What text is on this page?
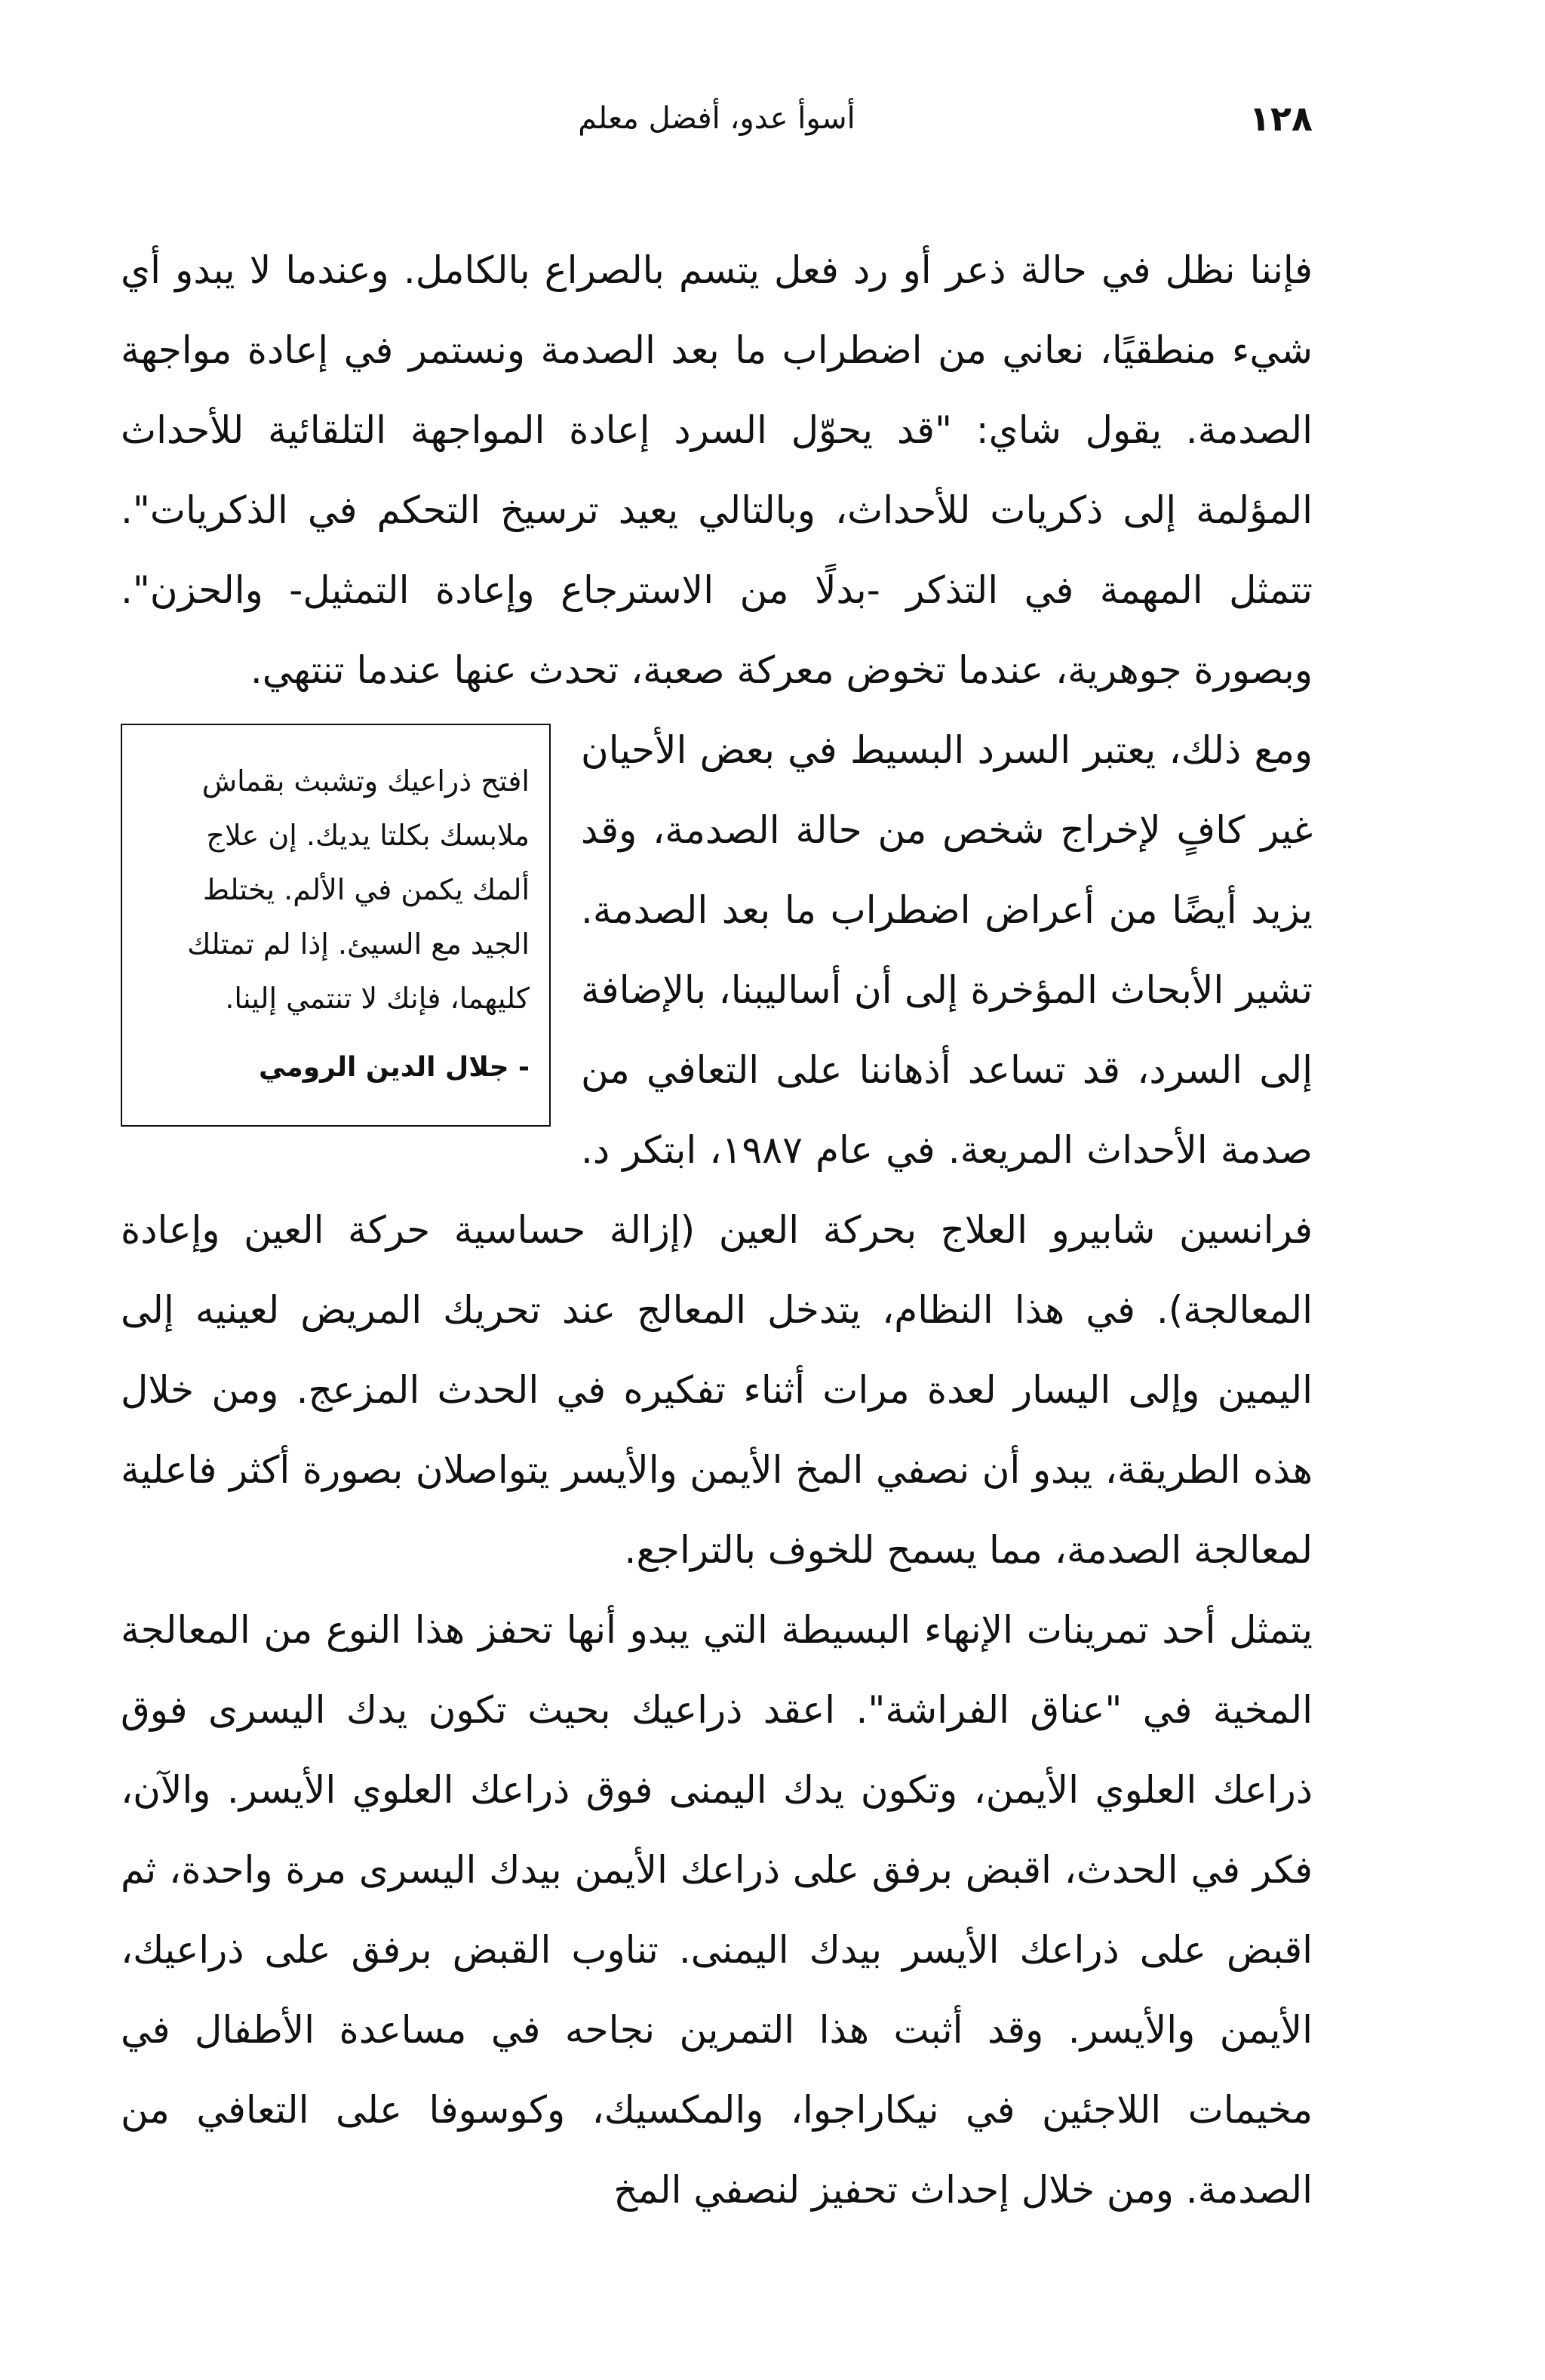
١٢٨
أسوأ عدو، أفضل معلم

فإننا نظل في حالة ذعر أو رد فعل يتسم بالصراع بالكامل. وعندما لا يبدو أي شيء منطقيًا، نعاني من اضطراب ما بعد الصدمة ونستمر في إعادة مواجهة الصدمة. يقول شاي: "قد يحوّل السرد إعادة المواجهة التلقائية للأحداث المؤلمة إلى ذكريات للأحداث، وبالتالي يعيد ترسيخ التحكم في الذكريات". تتمثل المهمة في التذكر -بدلًا من الاسترجاع وإعادة التمثيل- والحزن". وبصورة جوهرية، عندما تخوض معركة صعبة، تحدث عنها عندما تنتهي.

افتح ذراعيك وتشبث بقماش ملابسك بكلتا يديك. إن علاج ألمك يكمن في الألم. يختلط الجيد مع السيئ. إذا لم تمتلك كليهما، فإنك لا تنتمي إلينا.

- جلال الدين الرومي

ومع ذلك، يعتبر السرد البسيط في بعض الأحيان غير كافٍ لإخراج شخص من حالة الصدمة، وقد يزيد أيضًا من أعراض اضطراب ما بعد الصدمة. تشير الأبحاث المؤخرة إلى أن أساليبنا، بالإضافة إلى السرد، قد تساعد أذهاننا على التعافي من صدمة الأحداث المريعة. في عام ١٩٨٧، ابتكر د. فرانسين شابيرو العلاج بحركة العين (إزالة حساسية حركة العين وإعادة المعالجة). في هذا النظام، يتدخل المعالج عند تحريك المريض لعينيه إلى اليمين وإلى اليسار لعدة مرات أثناء تفكيره في الحدث المزعج. ومن خلال هذه الطريقة، يبدو أن نصفي المخ الأيمن والأيسر يتواصلان بصورة أكثر فاعلية لمعالجة الصدمة، مما يسمح للخوف بالتراجع.

يتمثل أحد تمرينات الإنهاء البسيطة التي يبدو أنها تحفز هذا النوع من المعالجة المخية في "عناق الفراشة". اعقد ذراعيك بحيث تكون يدك اليسرى فوق ذراعك العلوي الأيمن، وتكون يدك اليمنى فوق ذراعك العلوي الأيسر. والآن، فكر في الحدث، اقبض برفق على ذراعك الأيمن بيدك اليسرى مرة واحدة، ثم اقبض على ذراعك الأيسر بيدك اليمنى. تناوب القبض برفق على ذراعيك، الأيمن والأيسر. وقد أثبت هذا التمرين نجاحه في مساعدة الأطفال في مخيمات اللاجئين في نيكاراجوا، والمكسيك، وكوسوفا على التعافي من الصدمة. ومن خلال إحداث تحفيز لنصفي المخ
